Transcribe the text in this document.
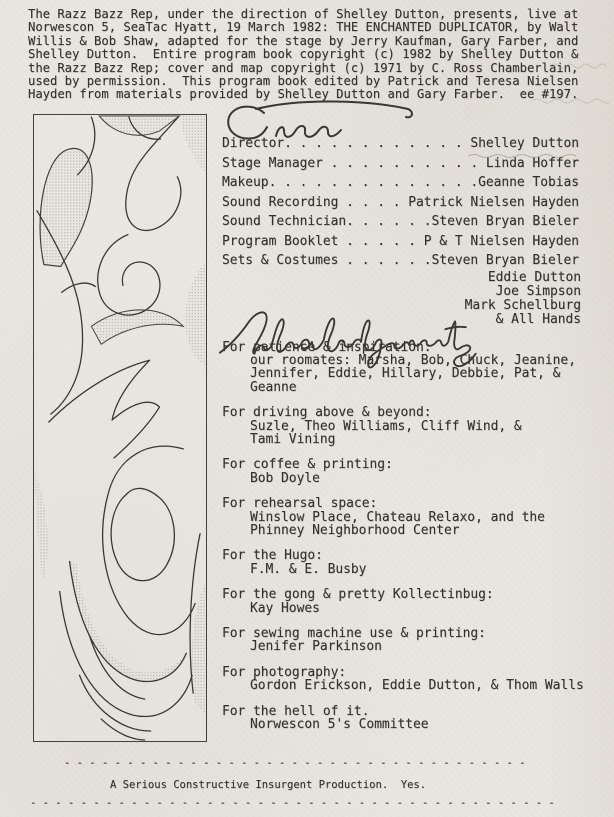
The Razz Bazz Rep, under the direction of Shelley Dutton, presents, live at
Norwescon 5, SeaTac Hyatt, 19 March 1982: THE ENCHANTED DUPLICATOR, by Walt
Willis & Bob Shaw, adapted for the stage by Jerry Kaufman, Gary Farber, and
Shelley Dutton.  Entire program book copyright (c) 1982 by Shelley Dutton &
the Razz Bazz Rep; cover and map copyright (c) 1971 by C. Ross Chamberlain,
used by permission.  This program book edited by Patrick and Teresa Nielsen
Hayden from materials provided by Shelley Dutton and Gary Farber.  ee #197.
Director. . . . . . . . . . . . Shelley Dutton
Stage Manager . . . . . . . . . . Linda Hoffer
Makeup. . . . . . . . . . . . . .Geanne Tobias
Sound Recording . . . . Patrick Nielsen Hayden
Sound Technician. . . . . .Steven Bryan Bieler
Program Booklet . . . . . P & T Nielsen Hayden
Sets & Costumes . . . . . .Steven Bryan Bieler
Eddie Dutton
Joe Simpson
Mark Schellburg
& All Hands
For patience & inspiration:
our roomates: Marsha, Bob, Chuck, Jeanine,
Jennifer, Eddie, Hillary, Debbie, Pat, &
Geanne
For driving above & beyond:
Suzle, Theo Williams, Cliff Wind, &
Tami Vining
For coffee & printing:
Bob Doyle
For rehearsal space:
Winslow Place, Chateau Relaxo, and the
Phinney Neighborhood Center
For the Hugo:
F.M. & E. Busby
For the gong & pretty Kollectinbug:
Kay Howes
For sewing machine use & printing:
Jenifer Parkinson
For photography:
Gordon Erickson, Eddie Dutton, & Thom Walls
For the hell of it.
Norwescon 5's Committee
- - - - - - - - - - - - - - - - - - - - - - - - - - - - - - - - - - - - -
A Serious Constructive Insurgent Production.  Yes.
- - - - - - - - - - - - - - - - - - - - - - - - - - - - - - - - - - - - - - - - - -
